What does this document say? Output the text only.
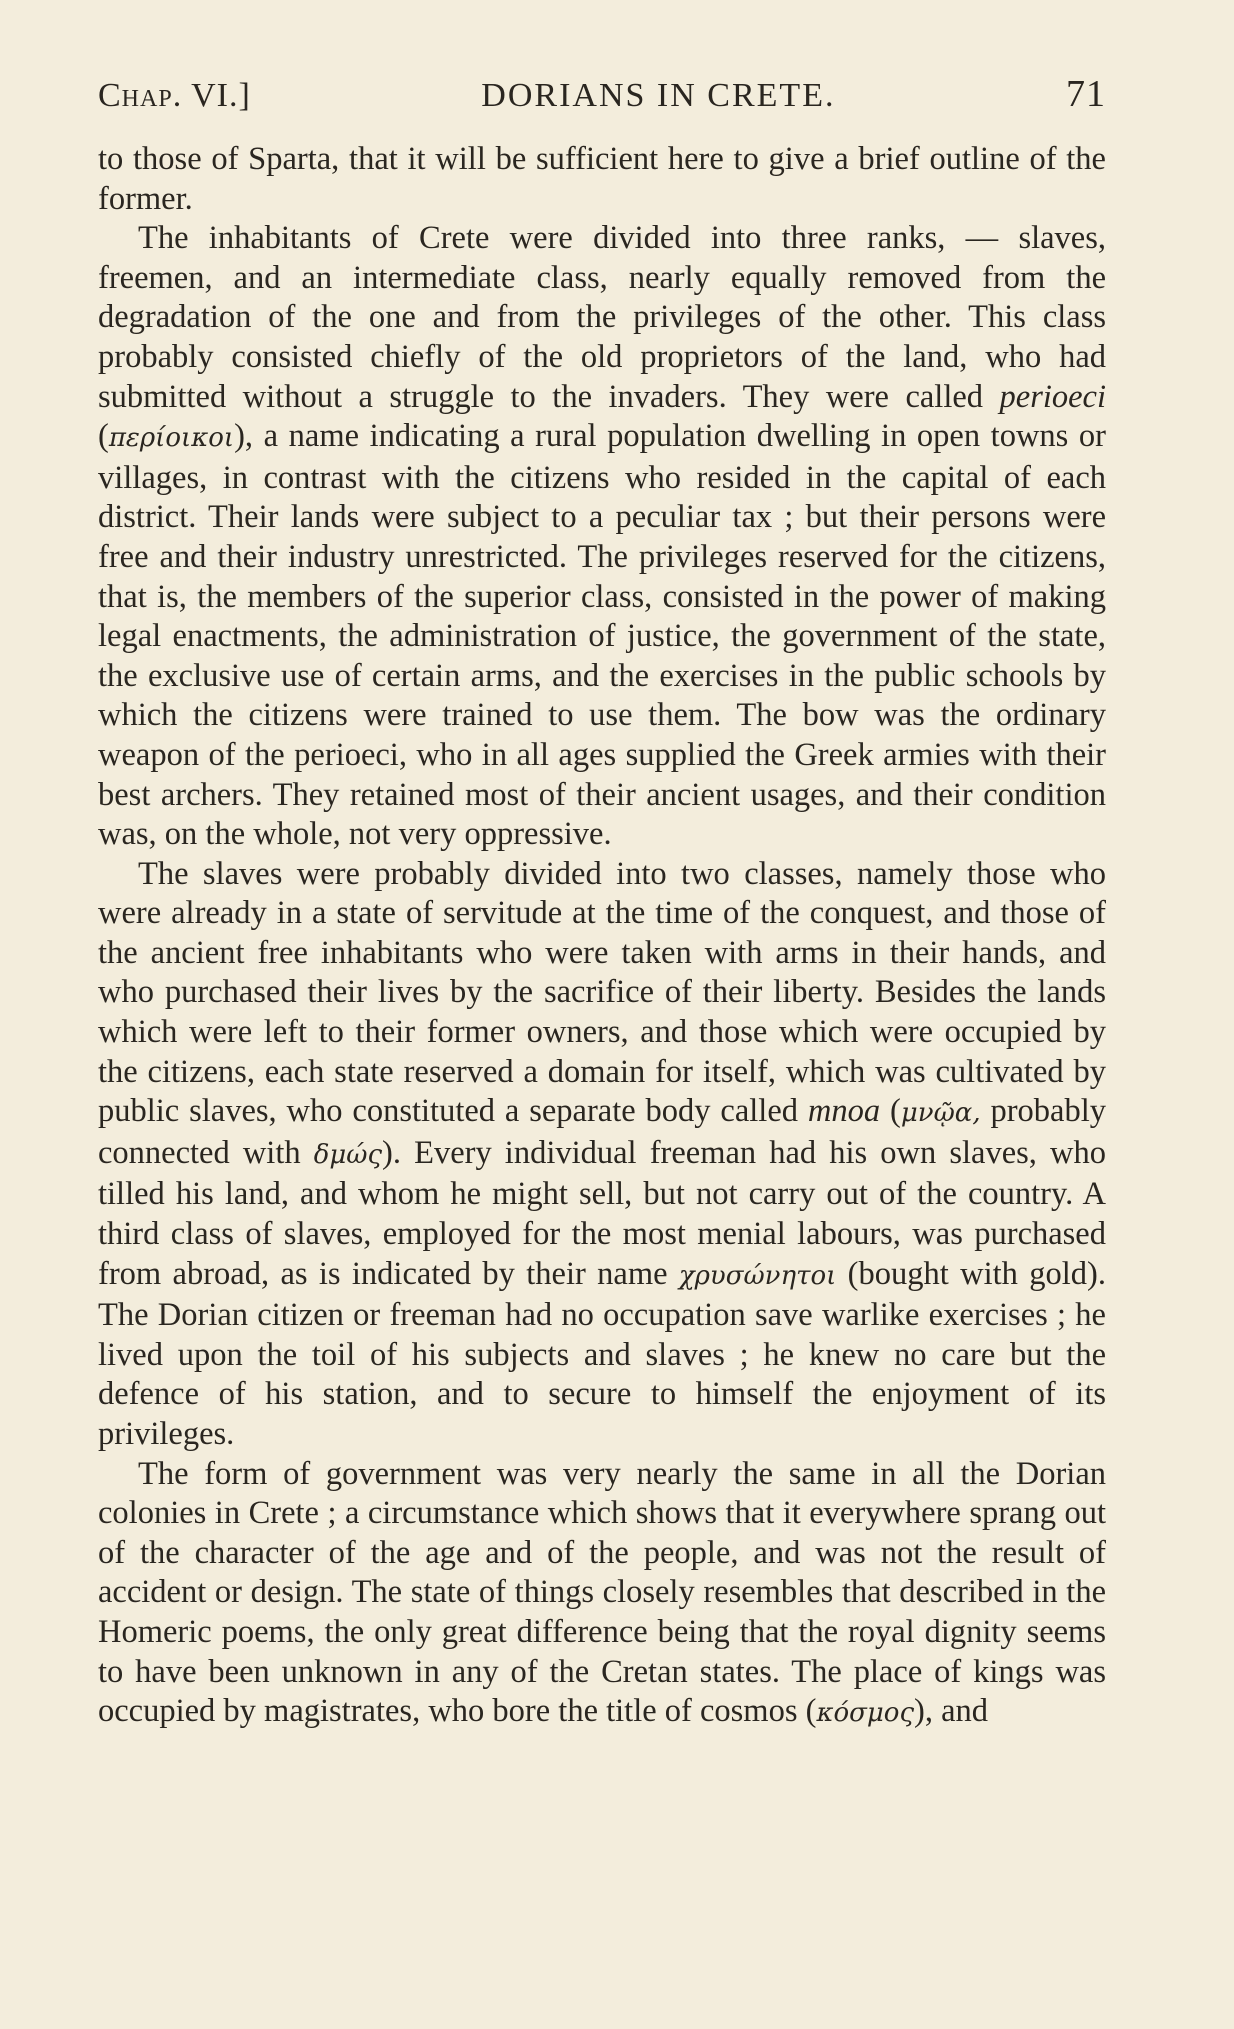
Chap. VI.]	DORIANS IN CRETE.	71

to those of Sparta, that it will be sufficient here to give a brief outline of the former.

The inhabitants of Crete were divided into three ranks, — slaves, freemen, and an intermediate class, nearly equally removed from the degradation of the one and from the privileges of the other. This class probably consisted chiefly of the old proprietors of the land, who had submitted without a struggle to the invaders. They were called perioeci (περίοικοι), a name indicating a rural population dwelling in open towns or villages, in contrast with the citizens who resided in the capital of each district. Their lands were subject to a peculiar tax ; but their persons were free and their industry unrestricted. The privileges reserved for the citizens, that is, the members of the superior class, consisted in the power of making legal enactments, the administration of justice, the government of the state, the exclusive use of certain arms, and the exercises in the public schools by which the citizens were trained to use them. The bow was the ordinary weapon of the perioeci, who in all ages supplied the Greek armies with their best archers. They retained most of their ancient usages, and their condition was, on the whole, not very oppressive.

The slaves were probably divided into two classes, namely those who were already in a state of servitude at the time of the conquest, and those of the ancient free inhabitants who were taken with arms in their hands, and who purchased their lives by the sacrifice of their liberty. Besides the lands which were left to their former owners, and those which were occupied by the citizens, each state reserved a domain for itself, which was cultivated by public slaves, who constituted a separate body called mnoa (μνῷα, probably connected with δμώς). Every individual freeman had his own slaves, who tilled his land, and whom he might sell, but not carry out of the country. A third class of slaves, employed for the most menial labours, was purchased from abroad, as is indicated by their name χρυσώνητοι (bought with gold). The Dorian citizen or freeman had no occupation save warlike exercises ; he lived upon the toil of his subjects and slaves ; he knew no care but the defence of his station, and to secure to himself the enjoyment of its privileges.

The form of government was very nearly the same in all the Dorian colonies in Crete ; a circumstance which shows that it everywhere sprang out of the character of the age and of the people, and was not the result of accident or design. The state of things closely resembles that described in the Homeric poems, the only great difference being that the royal dignity seems to have been unknown in any of the Cretan states. The place of kings was occupied by magistrates, who bore the title of cosmos (κόσμος), and
